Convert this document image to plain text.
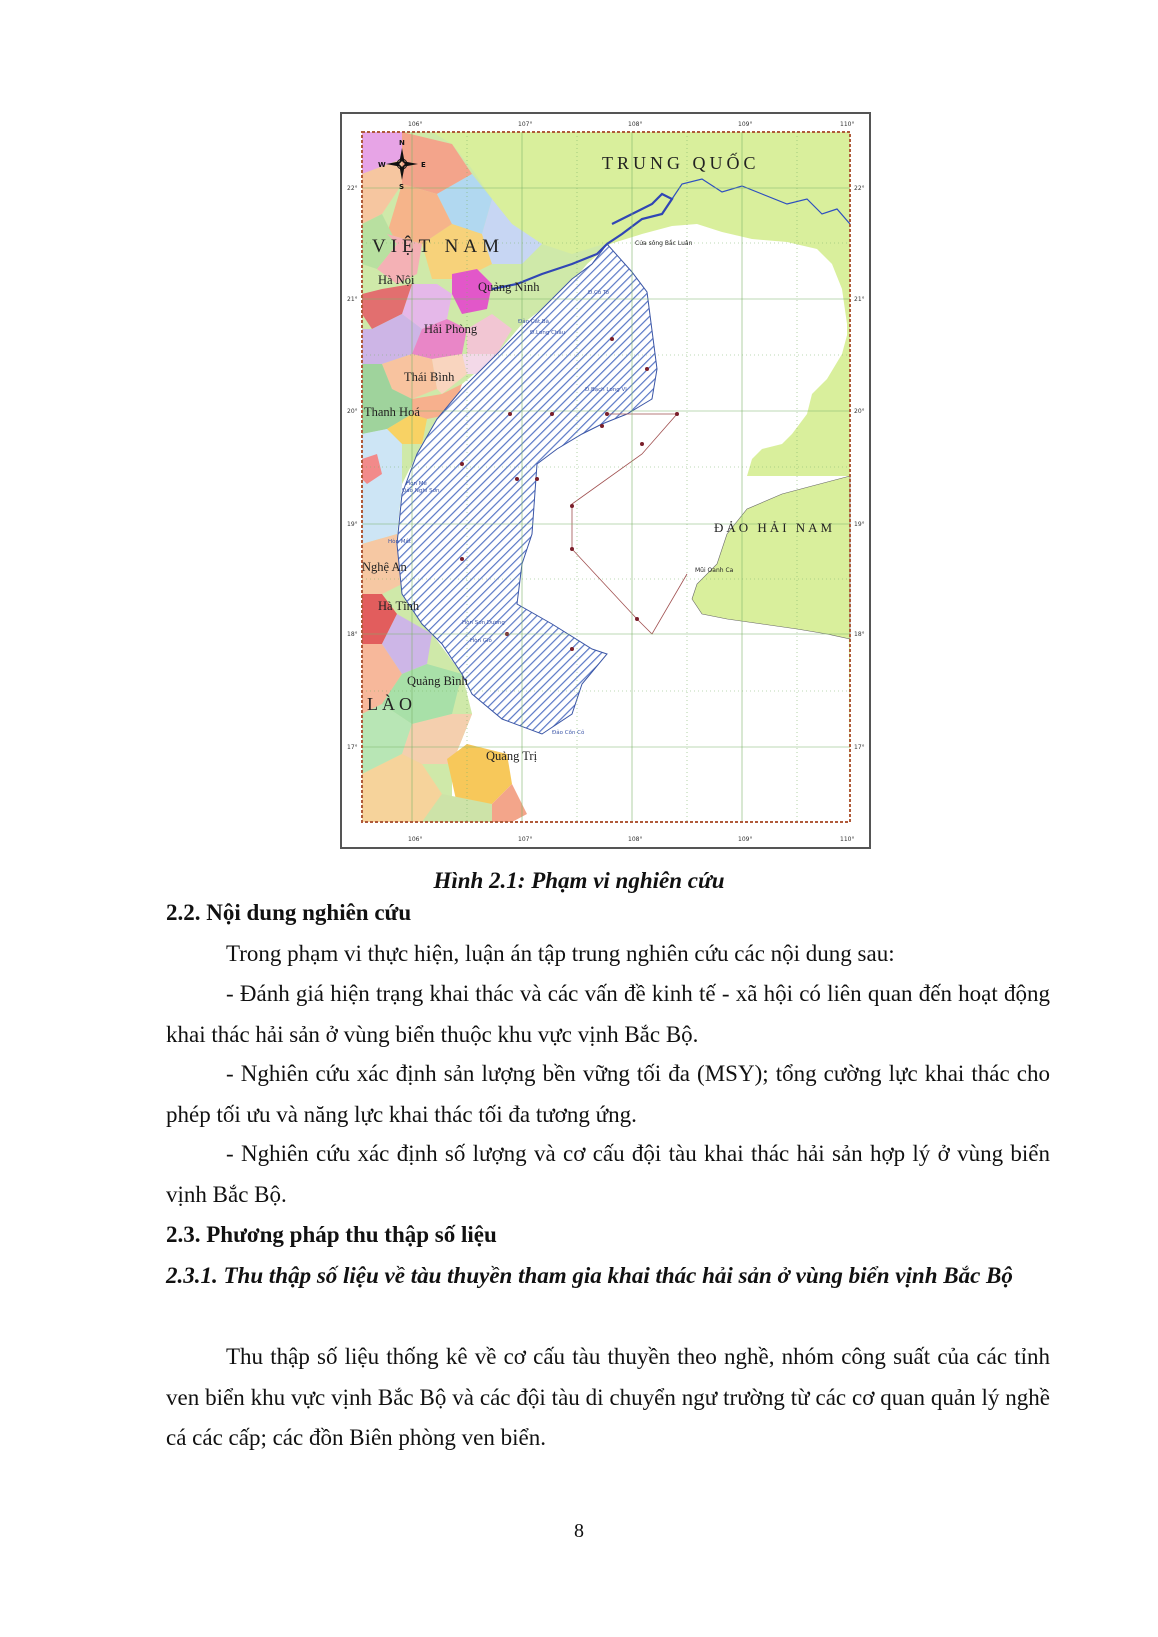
106°	107°	108°	109°	110°
106°	107°	108°	109°	110°
22°
21°
20°
19°
18°
17°
22°
21°
20°
19°
18°
17°
N
S
E
W	TRUNG QUỐC
VIỆT NAM
LÀO
ĐẢO HẢI NAM
Hà Nội	Quảng Ninh
Hải Phòng
Thái Bình
Thanh Hoá
Nghệ An
Hà Tĩnh
Quảng Bình
Quảng Trị
Cửa sông Bắc Luân
Mũi Oanh Ca
Đ.Cô Tô
Đảo Cát Bà
Đ.Long Châu
Đ.Bạch Long Vĩ
Hòn Mê
Đảo Nghi Sơn
Hòn Mắt
Hòn Sơn Dương
Hòn Gió
Đảo Cồn Cỏ
Hình 2.1: Phạm vi nghiên cứu
2.2. Nội dung nghiên cứu

Trong phạm vi thực hiện, luận án tập trung nghiên cứu các nội dung sau:

- Đánh giá hiện trạng khai thác và các vấn đề kinh tế - xã hội có liên quan đến hoạt động khai thác hải sản ở vùng biển thuộc khu vực vịnh Bắc Bộ.

- Nghiên cứu xác định sản lượng bền vững tối đa (MSY); tổng cường lực khai thác cho phép tối ưu và năng lực khai thác tối đa tương ứng.

- Nghiên cứu xác định số lượng và cơ cấu đội tàu khai thác hải sản hợp lý ở vùng biển vịnh Bắc Bộ.

2.3. Phương pháp thu thập số liệu

2.3.1. Thu thập số liệu về tàu thuyền tham gia khai thác hải sản ở vùng biển vịnh Bắc Bộ

Thu thập số liệu thống kê về cơ cấu tàu thuyền theo nghề, nhóm công suất của các tỉnh ven biển khu vực vịnh Bắc Bộ và các đội tàu di chuyển ngư trường từ các cơ quan quản lý nghề cá các cấp; các đồn Biên phòng ven biển.

8
